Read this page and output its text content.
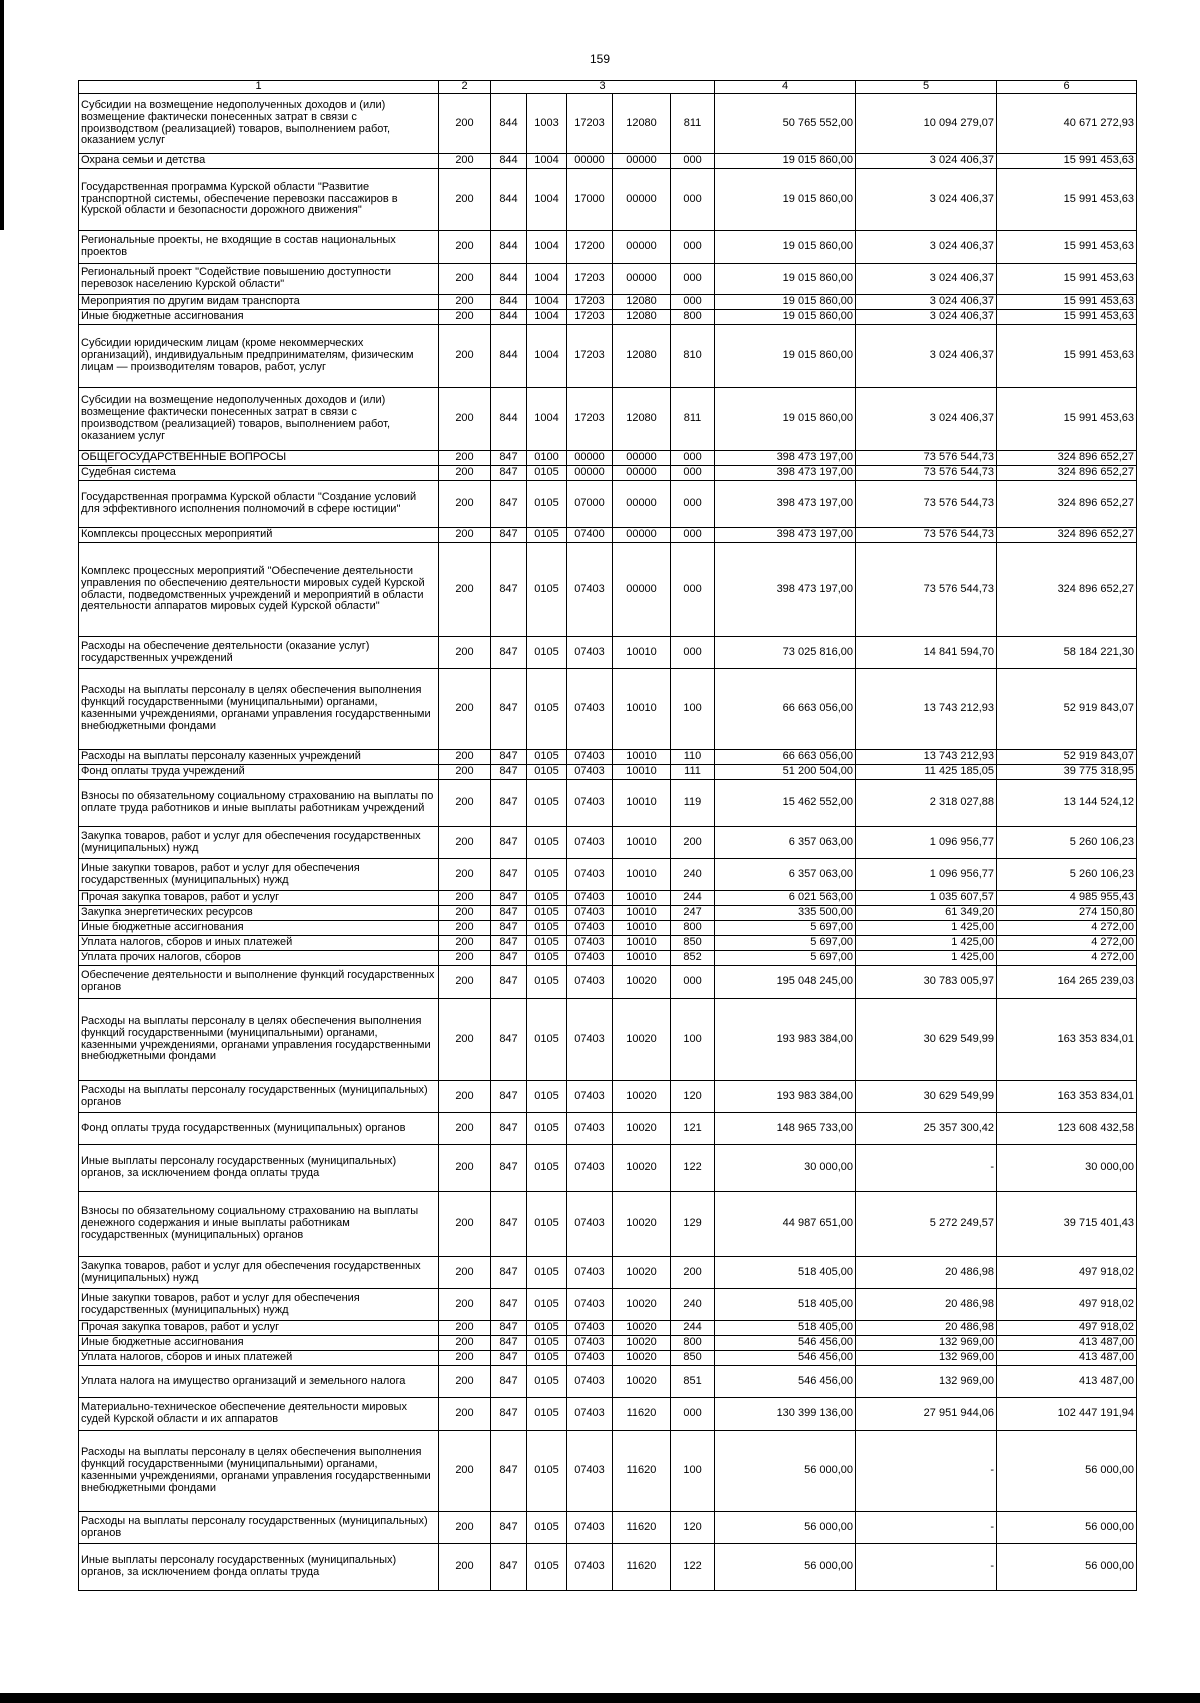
159
1	2	3					4	5	6
Субсидии на возмещение недополученных доходов и (или) возмещение фактически понесенных затрат в связи с производством (реализацией) товаров, выполнением работ, оказанием услуг	200	844	1003	17203	12080	811	50 765 552,00	10 094 279,07	40 671 272,93
Охрана семьи и детства	200	844	1004	00000	00000	000	19 015 860,00	3 024 406,37	15 991 453,63
Государственная программа Курской области "Развитие транспортной системы, обеспечение перевозки пассажиров в Курской области и безопасности дорожного движения"	200	844	1004	17000	00000	000	19 015 860,00	3 024 406,37	15 991 453,63
Региональные проекты, не входящие в состав национальных проектов	200	844	1004	17200	00000	000	19 015 860,00	3 024 406,37	15 991 453,63
Региональный проект "Содействие повышению доступности перевозок населению Курской области"	200	844	1004	17203	00000	000	19 015 860,00	3 024 406,37	15 991 453,63
Мероприятия по другим видам транспорта	200	844	1004	17203	12080	000	19 015 860,00	3 024 406,37	15 991 453,63
Иные бюджетные ассигнования	200	844	1004	17203	12080	800	19 015 860,00	3 024 406,37	15 991 453,63
Субсидии юридическим лицам (кроме некоммерческих организаций), индивидуальным предпринимателям, физическим лицам — производителям товаров, работ, услуг	200	844	1004	17203	12080	810	19 015 860,00	3 024 406,37	15 991 453,63
Субсидии на возмещение недополученных доходов и (или) возмещение фактически понесенных затрат в связи с производством (реализацией) товаров, выполнением работ, оказанием услуг	200	844	1004	17203	12080	811	19 015 860,00	3 024 406,37	15 991 453,63
ОБЩЕГОСУДАРСТВЕННЫЕ ВОПРОСЫ	200	847	0100	00000	00000	000	398 473 197,00	73 576 544,73	324 896 652,27
Судебная система	200	847	0105	00000	00000	000	398 473 197,00	73 576 544,73	324 896 652,27
Государственная программа Курской области "Создание условий для эффективного исполнения полномочий в сфере юстиции"	200	847	0105	07000	00000	000	398 473 197,00	73 576 544,73	324 896 652,27
Комплексы процессных мероприятий	200	847	0105	07400	00000	000	398 473 197,00	73 576 544,73	324 896 652,27
Комплекс процессных мероприятий "Обеспечение деятельности управления по обеспечению деятельности мировых судей Курской области, подведомственных учреждений и мероприятий в области деятельности аппаратов мировых судей Курской области"	200	847	0105	07403	00000	000	398 473 197,00	73 576 544,73	324 896 652,27
Расходы на обеспечение деятельности (оказание услуг) государственных учреждений	200	847	0105	07403	10010	000	73 025 816,00	14 841 594,70	58 184 221,30
Расходы на выплаты персоналу в целях обеспечения выполнения функций государственными (муниципальными) органами, казенными учреждениями, органами управления государственными внебюджетными фондами	200	847	0105	07403	10010	100	66 663 056,00	13 743 212,93	52 919 843,07
Расходы на выплаты персоналу казенных учреждений	200	847	0105	07403	10010	110	66 663 056,00	13 743 212,93	52 919 843,07
Фонд оплаты труда учреждений	200	847	0105	07403	10010	111	51 200 504,00	11 425 185,05	39 775 318,95
Взносы по обязательному социальному страхованию на выплаты по оплате труда работников и иные выплаты работникам учреждений	200	847	0105	07403	10010	119	15 462 552,00	2 318 027,88	13 144 524,12
Закупка товаров, работ и услуг для обеспечения государственных (муниципальных) нужд	200	847	0105	07403	10010	200	6 357 063,00	1 096 956,77	5 260 106,23
Иные закупки товаров, работ и услуг для обеспечения государственных (муниципальных) нужд	200	847	0105	07403	10010	240	6 357 063,00	1 096 956,77	5 260 106,23
Прочая закупка товаров, работ и услуг	200	847	0105	07403	10010	244	6 021 563,00	1 035 607,57	4 985 955,43
Закупка энергетических ресурсов	200	847	0105	07403	10010	247	335 500,00	61 349,20	274 150,80
Иные бюджетные ассигнования	200	847	0105	07403	10010	800	5 697,00	1 425,00	4 272,00
Уплата налогов, сборов и иных платежей	200	847	0105	07403	10010	850	5 697,00	1 425,00	4 272,00
Уплата прочих налогов, сборов	200	847	0105	07403	10010	852	5 697,00	1 425,00	4 272,00
Обеспечение деятельности и выполнение функций государственных органов	200	847	0105	07403	10020	000	195 048 245,00	30 783 005,97	164 265 239,03
Расходы на выплаты персоналу в целях обеспечения выполнения функций государственными (муниципальными) органами, казенными учреждениями, органами управления государственными внебюджетными фондами	200	847	0105	07403	10020	100	193 983 384,00	30 629 549,99	163 353 834,01
Расходы на выплаты персоналу государственных (муниципальных) органов	200	847	0105	07403	10020	120	193 983 384,00	30 629 549,99	163 353 834,01
Фонд оплаты труда государственных (муниципальных) органов	200	847	0105	07403	10020	121	148 965 733,00	25 357 300,42	123 608 432,58
Иные выплаты персоналу государственных (муниципальных) органов, за исключением фонда оплаты труда	200	847	0105	07403	10020	122	30 000,00	-	30 000,00
Взносы по обязательному социальному страхованию на выплаты денежного содержания и иные выплаты работникам государственных (муниципальных) органов	200	847	0105	07403	10020	129	44 987 651,00	5 272 249,57	39 715 401,43
Закупка товаров, работ и услуг для обеспечения государственных (муниципальных) нужд	200	847	0105	07403	10020	200	518 405,00	20 486,98	497 918,02
Иные закупки товаров, работ и услуг для обеспечения государственных (муниципальных) нужд	200	847	0105	07403	10020	240	518 405,00	20 486,98	497 918,02
Прочая закупка товаров, работ и услуг	200	847	0105	07403	10020	244	518 405,00	20 486,98	497 918,02
Иные бюджетные ассигнования	200	847	0105	07403	10020	800	546 456,00	132 969,00	413 487,00
Уплата налогов, сборов и иных платежей	200	847	0105	07403	10020	850	546 456,00	132 969,00	413 487,00
Уплата налога на имущество организаций и земельного налога	200	847	0105	07403	10020	851	546 456,00	132 969,00	413 487,00
Материально-техническое обеспечение деятельности мировых судей Курской области и их аппаратов	200	847	0105	07403	11620	000	130 399 136,00	27 951 944,06	102 447 191,94
Расходы на выплаты персоналу в целях обеспечения выполнения функций государственными (муниципальными) органами, казенными учреждениями, органами управления государственными внебюджетными фондами	200	847	0105	07403	11620	100	56 000,00	-	56 000,00
Расходы на выплаты персоналу государственных (муниципальных) органов	200	847	0105	07403	11620	120	56 000,00	-	56 000,00
Иные выплаты персоналу государственных (муниципальных) органов, за исключением фонда оплаты труда	200	847	0105	07403	11620	122	56 000,00	-	56 000,00
